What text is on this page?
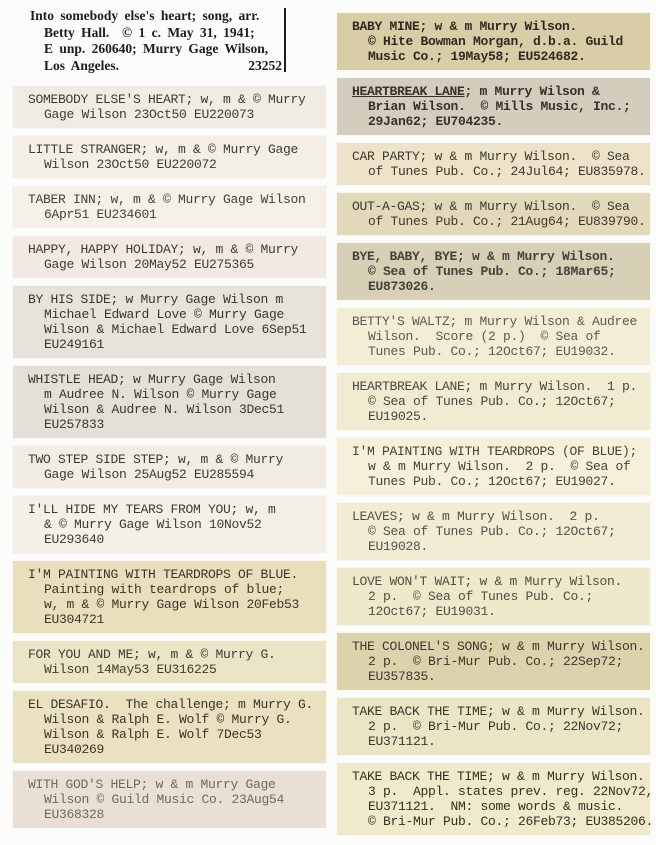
Into somebody else's heart; song, arr.
Betty Hall.  © 1 c. May 31, 1941;
E unp. 260640; Murry Gage Wilson,
Los Angeles.	23252
SOMEBODY ELSE'S HEART; w, m & © Murry
Gage Wilson 23Oct50 EU220073
LITTLE STRANGER; w, m & © Murry Gage
Wilson 23Oct50 EU220072
TABER INN; w, m & © Murry Gage Wilson
6Apr51 EU234601
HAPPY, HAPPY HOLIDAY; w, m & © Murry
Gage Wilson 20May52 EU275365
BY HIS SIDE; w Murry Gage Wilson m
Michael Edward Love © Murry Gage
Wilson & Michael Edward Love 6Sep51
EU249161
WHISTLE HEAD; w Murry Gage Wilson
m Audree N. Wilson © Murry Gage
Wilson & Audree N. Wilson 3Dec51
EU257833
TWO STEP SIDE STEP; w, m & © Murry
Gage Wilson 25Aug52 EU285594
I'LL HIDE MY TEARS FROM YOU; w, m
& © Murry Gage Wilson 10Nov52
EU293640
I'M PAINTING WITH TEARDROPS OF BLUE.
Painting with teardrops of blue;
w, m & © Murry Gage Wilson 20Feb53
EU304721
FOR YOU AND ME; w, m & © Murry G.
Wilson 14May53 EU316225
EL DESAFIO.  The challenge; m Murry G.
Wilson & Ralph E. Wolf © Murry G.
Wilson & Ralph E. Wolf 7Dec53
EU340269
WITH GOD'S HELP; w & m Murry Gage
Wilson © Guild Music Co. 23Aug54
EU368328
BABY MINE; w & m Murry Wilson.
© Hite Bowman Morgan, d.b.a. Guild
Music Co.; 19May58; EU524682.
HEARTBREAK LANE; m Murry Wilson &
Brian Wilson.  © Mills Music, Inc.;
29Jan62; EU704235.
CAR PARTY; w & m Murry Wilson.  © Sea
of Tunes Pub. Co.; 24Jul64; EU835978.
OUT-A-GAS; w & m Murry Wilson.  © Sea
of Tunes Pub. Co.; 21Aug64; EU839790.
BYE, BABY, BYE; w & m Murry Wilson.
© Sea of Tunes Pub. Co.; 18Mar65;
EU873026.
BETTY'S WALTZ; m Murry Wilson & Audree
Wilson.  Score (2 p.)  © Sea of
Tunes Pub. Co.; 12Oct67; EU19032.
HEARTBREAK LANE; m Murry Wilson.  1 p.
© Sea of Tunes Pub. Co.; 12Oct67;
EU19025.
I'M PAINTING WITH TEARDROPS (OF BLUE);
w & m Murry Wilson.  2 p.  © Sea of
Tunes Pub. Co.; 12Oct67; EU19027.
LEAVES; w & m Murry Wilson.  2 p.
© Sea of Tunes Pub. Co.; 12Oct67;
EU19028.
LOVE WON'T WAIT; w & m Murry Wilson.
2 p.  © Sea of Tunes Pub. Co.;
12Oct67; EU19031.
THE COLONEL'S SONG; w & m Murry Wilson.
2 p.  © Bri-Mur Pub. Co.; 22Sep72;
EU357835.
TAKE BACK THE TIME; w & m Murry Wilson.
2 p.  © Bri-Mur Pub. Co.; 22Nov72;
EU371121.
TAKE BACK THE TIME; w & m Murry Wilson.
3 p.  Appl. states prev. reg. 22Nov72,
EU371121.  NM: some words & music.
© Bri-Mur Pub. Co.; 26Feb73; EU385206.
